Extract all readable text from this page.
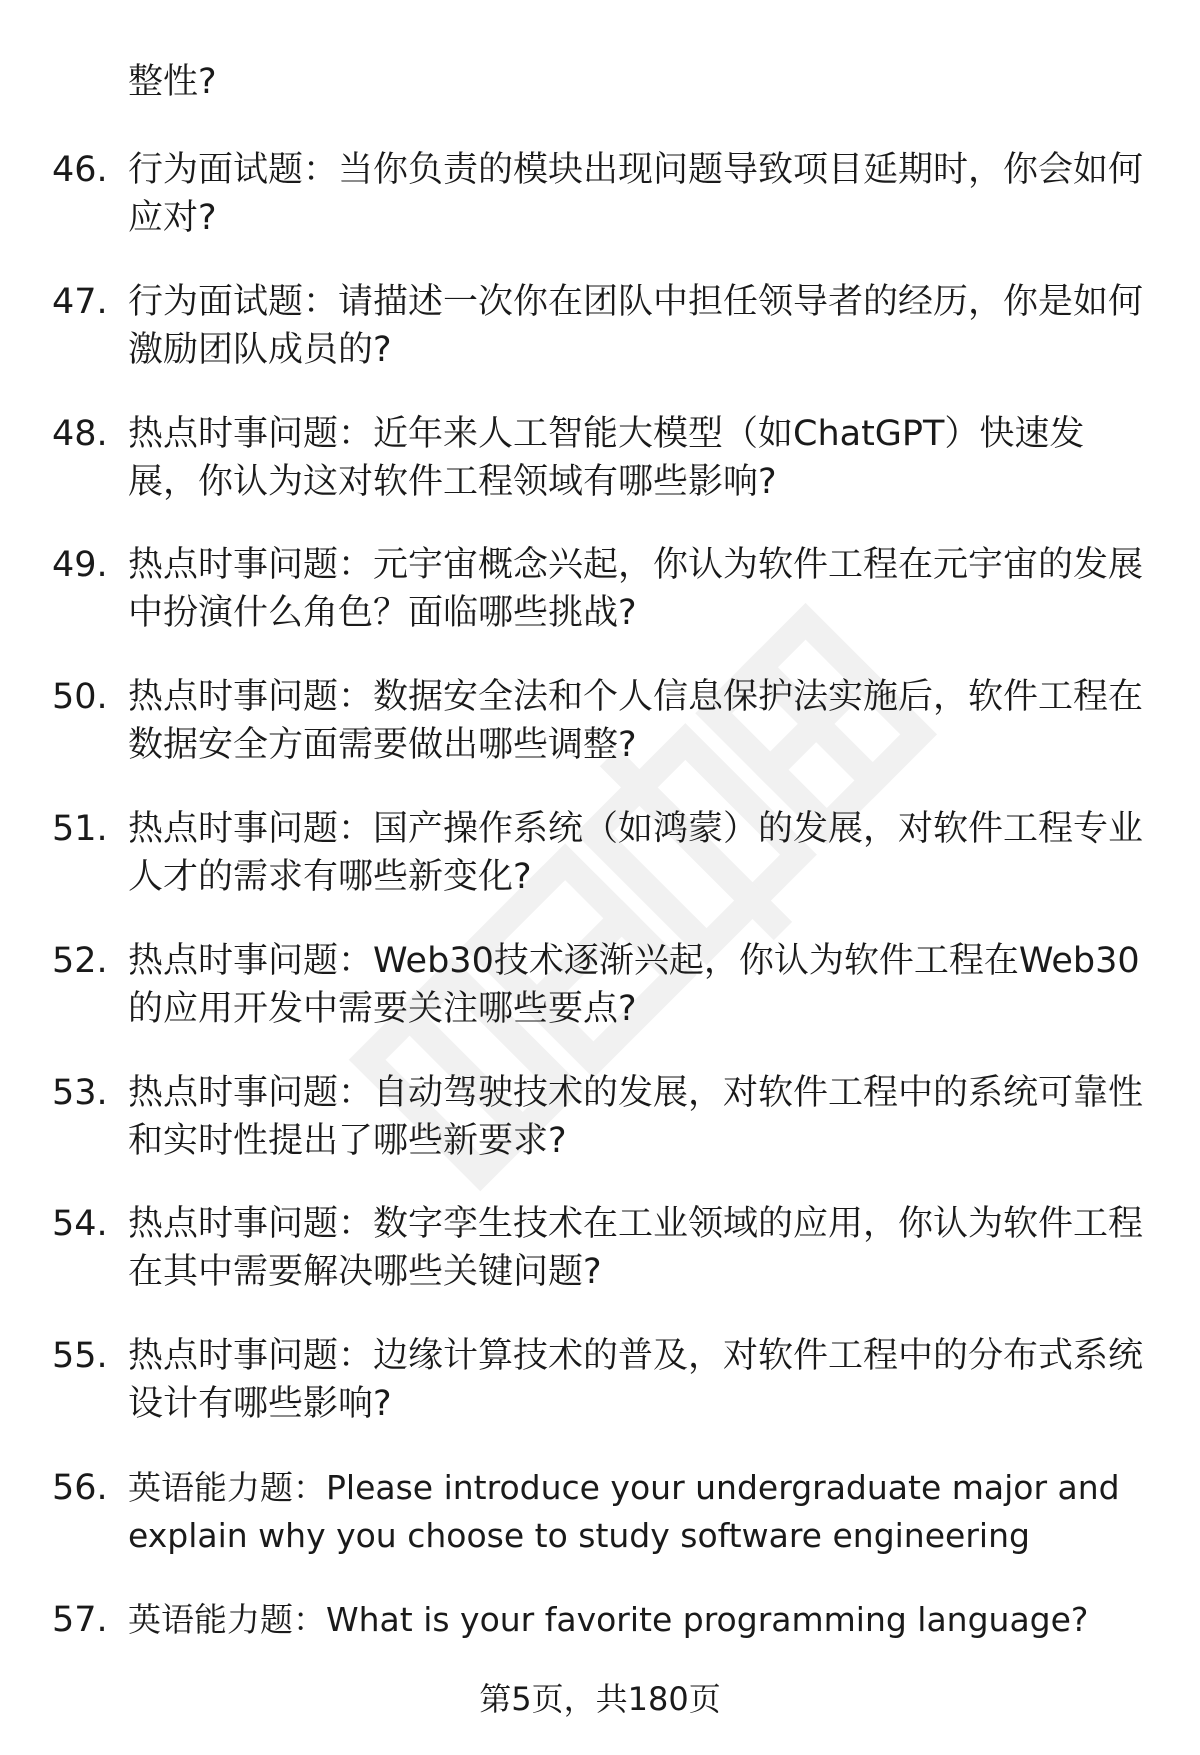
整性?

46. 行为面试题：当你负责的模块出现问题导致项目延期时，你会如何应对?
47. 行为面试题：请描述一次你在团队中担任领导者的经历，你是如何激励团队成员的?
48. 热点时事问题：近年来人工智能大模型（如ChatGPT）快速发展，你认为这对软件工程领域有哪些影响?
49. 热点时事问题：元宇宙概念兴起，你认为软件工程在元宇宙的发展中扮演什么角色？面临哪些挑战?
50. 热点时事问题：数据安全法和个人信息保护法实施后，软件工程在数据安全方面需要做出哪些调整?
51. 热点时事问题：国产操作系统（如鸿蒙）的发展，对软件工程专业人才的需求有哪些新变化?
52. 热点时事问题：Web30技术逐渐兴起，你认为软件工程在Web30的应用开发中需要关注哪些要点?
53. 热点时事问题：自动驾驶技术的发展，对软件工程中的系统可靠性和实时性提出了哪些新要求?
54. 热点时事问题：数字孪生技术在工业领域的应用，你认为软件工程在其中需要解决哪些关键问题?
55. 热点时事问题：边缘计算技术的普及，对软件工程中的分布式系统设计有哪些影响?
56. 英语能力题：Please introduce your undergraduate major and explain why you choose to study software engineering
57. 英语能力题：What is your favorite programming language?
第5页，共180页
